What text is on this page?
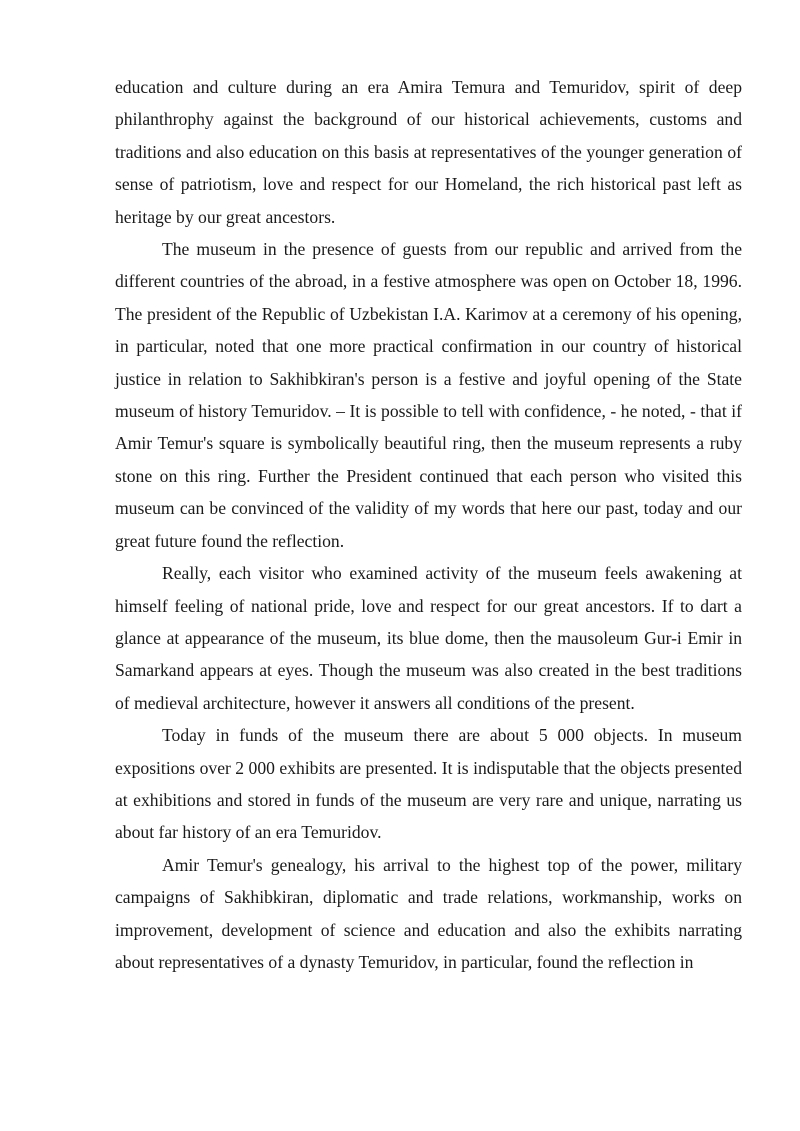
education and culture during an era Amira Temura and Temuridov, spirit of deep philanthrophy against the background of our historical achievements, customs and traditions and also education on this basis at representatives of the younger generation of sense of patriotism, love and respect for our Homeland, the rich historical past left as heritage by our great ancestors.

The museum in the presence of guests from our republic and arrived from the different countries of the abroad, in a festive atmosphere was open on October 18, 1996. The president of the Republic of Uzbekistan I.A. Karimov at a ceremony of his opening, in particular, noted that one more practical confirmation in our country of historical justice in relation to Sakhibkiran's person is a festive and joyful opening of the State museum of history Temuridov. – It is possible to tell with confidence, - he noted, - that if Amir Temur's square is symbolically beautiful ring, then the museum represents a ruby stone on this ring. Further the President continued that each person who visited this museum can be convinced of the validity of my words that here our past, today and our great future found the reflection.

Really, each visitor who examined activity of the museum feels awakening at himself feeling of national pride, love and respect for our great ancestors. If to dart a glance at appearance of the museum, its blue dome, then the mausoleum Gur-i Emir in Samarkand appears at eyes. Though the museum was also created in the best traditions of medieval architecture, however it answers all conditions of the present.

Today in funds of the museum there are about 5 000 objects. In museum expositions over 2 000 exhibits are presented. It is indisputable that the objects presented at exhibitions and stored in funds of the museum are very rare and unique, narrating us about far history of an era Temuridov.

Amir Temur's genealogy, his arrival to the highest top of the power, military campaigns of Sakhibkiran, diplomatic and trade relations, workmanship, works on improvement, development of science and education and also the exhibits narrating about representatives of a dynasty Temuridov, in particular, found the reflection in
